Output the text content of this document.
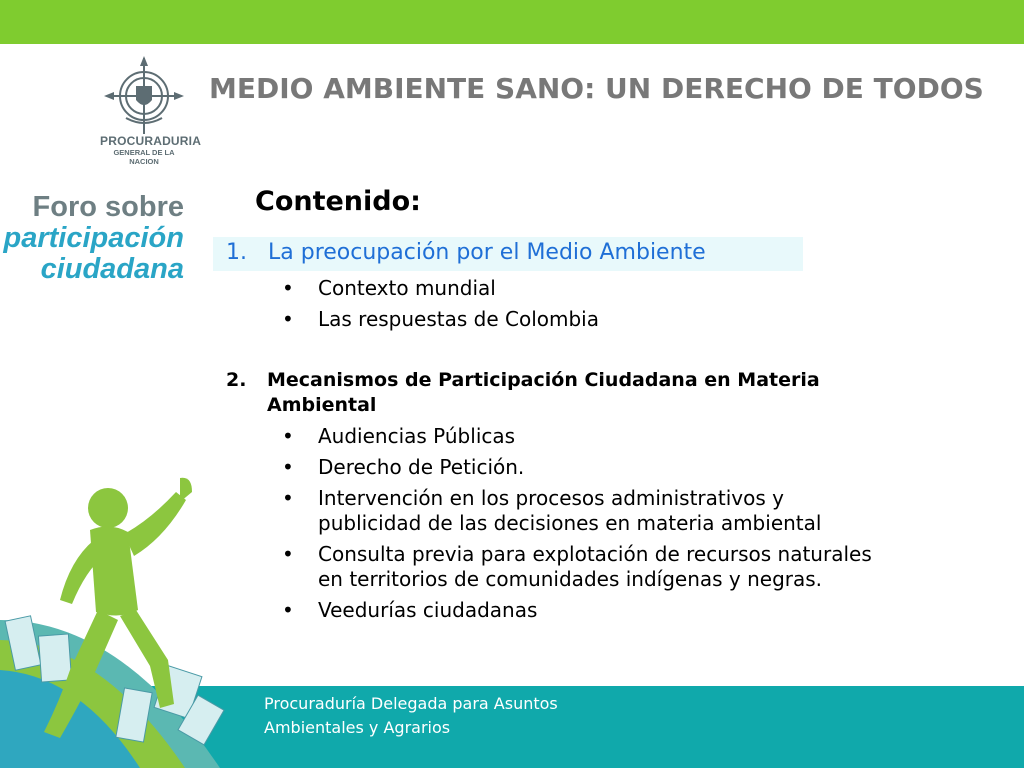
PROCURADURIA
GENERAL DE LA NACION
MEDIO AMBIENTE SANO: UN DERECHO DE TODOS
Foro sobre
participación
ciudadana
Contenido:
1. La preocupación por el Medio Ambiente
• Contexto mundial
• Las respuestas de Colombia
2. Mecanismos de Participación Ciudadana en Materia
Ambiental
• Audiencias Públicas
• Derecho de Petición.
• Intervención en los procesos administrativos y
publicidad de las decisiones en materia ambiental
• Consulta previa para explotación de recursos naturales
en territorios de comunidades indígenas y negras.
• Veedurías ciudadanas
Procuraduría Delegada para Asuntos
Ambientales y Agrarios
